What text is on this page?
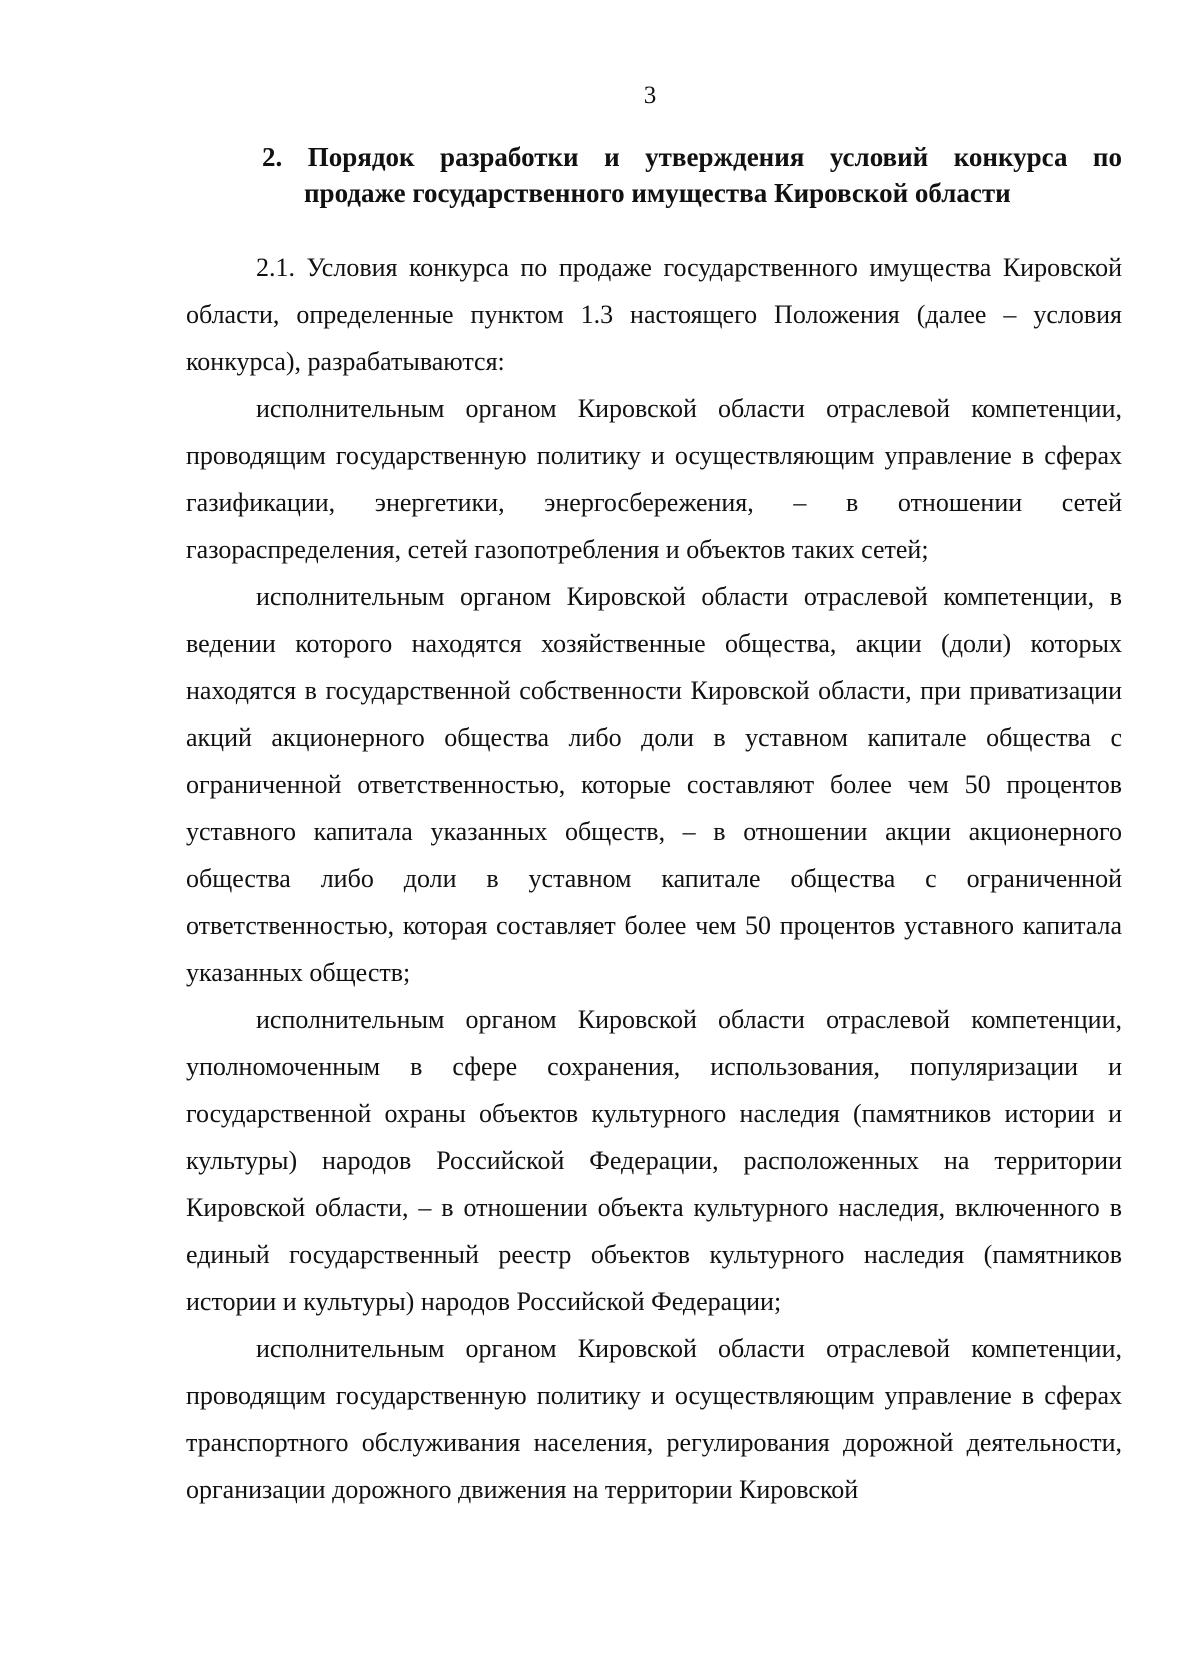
3
2. Порядок разработки и утверждения условий конкурса по
продаже государственного имущества Кировской области

2.1. Условия конкурса по продаже государственного имущества Кировской области, определенные пунктом 1.3 настоящего Положения (далее – условия конкурса), разрабатываются:

исполнительным органом Кировской области отраслевой компетенции, проводящим государственную политику и осуществляющим управление в сферах газификации, энергетики, энергосбережения, – в отношении сетей газораспределения, сетей газопотребления и объектов таких сетей;

исполнительным органом Кировской области отраслевой компетенции, в ведении которого находятся хозяйственные общества, акции (доли) которых находятся в государственной собственности Кировской области, при приватизации акций акционерного общества либо доли в уставном капитале общества с ограниченной ответственностью, которые составляют более чем 50 процентов уставного капитала указанных обществ, – в отношении акции акционерного общества либо доли в уставном капитале общества с ограниченной ответственностью, которая составляет более чем 50 процентов уставного капитала указанных обществ;

исполнительным органом Кировской области отраслевой компетенции, уполномоченным в сфере сохранения, использования, популяризации и государственной охраны объектов культурного наследия (памятников истории и культуры) народов Российской Федерации, расположенных на территории Кировской области, – в отношении объекта культурного наследия, включенного в единый государственный реестр объектов культурного наследия (памятников истории и культуры) народов Российской Федерации;

исполнительным органом Кировской области отраслевой компетенции, проводящим государственную политику и осуществляющим управление в сферах транспортного обслуживания населения, регулирования дорожной деятельности, организации дорожного движения на территории Кировской
